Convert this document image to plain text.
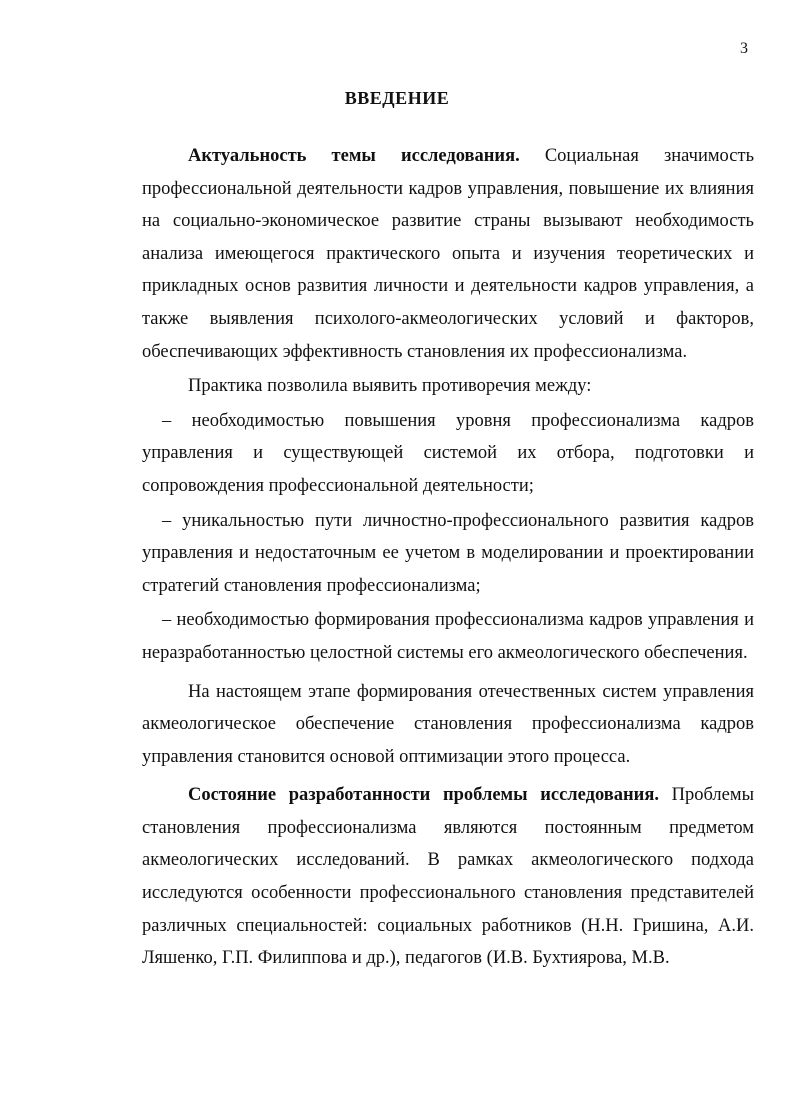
3
ВВЕДЕНИЕ

Актуальность темы исследования. Социальная значимость профессиональной деятельности кадров управления, повышение их влияния на социально-экономическое развитие страны вызывают необходимость анализа имеющегося практического опыта и изучения теоретических и прикладных основ развития личности и деятельности кадров управления, а также выявления психолого-акмеологических условий и факторов, обеспечивающих эффективность становления их профессионализма.

Практика позволила выявить противоречия между:

– необходимостью повышения уровня профессионализма кадров управления и существующей системой их отбора, подготовки и сопровождения профессиональной деятельности;

– уникальностью пути личностно-профессионального развития кадров управления и недостаточным ее учетом в моделировании и проектировании стратегий становления профессионализма;

– необходимостью формирования профессионализма кадров управления и неразработанностью целостной системы его акмеологического обеспечения.

На настоящем этапе формирования отечественных систем управления акмеологическое обеспечение становления профессионализма кадров управления становится основой оптимизации этого процесса.

Состояние разработанности проблемы исследования. Проблемы становления профессионализма являются постоянным предметом акмеологических исследований. В рамках акмеологического подхода исследуются особенности профессионального становления представителей различных специальностей: социальных работников (Н.Н. Гришина, А.И. Ляшенко, Г.П. Филиппова и др.), педагогов (И.В. Бухтиярова, М.В.
